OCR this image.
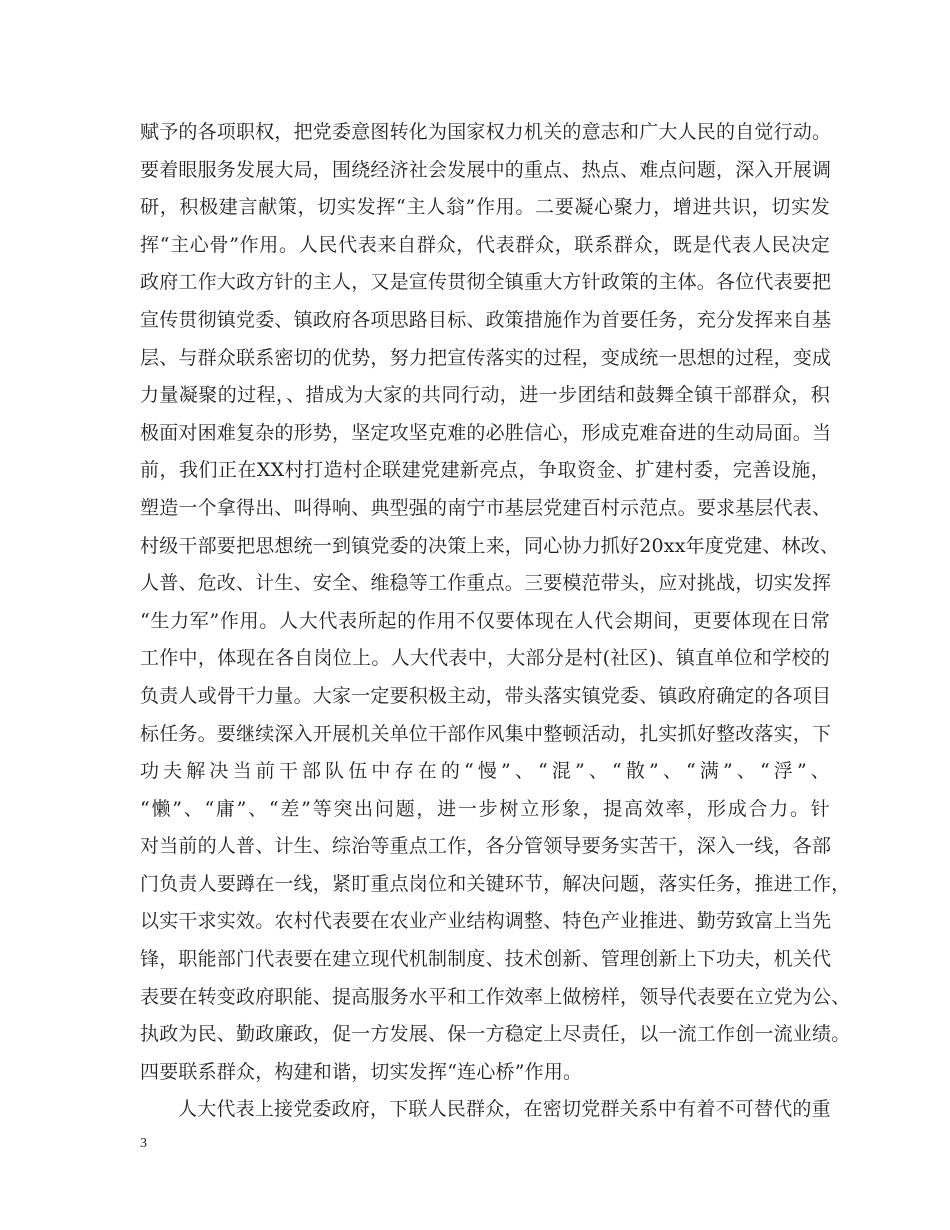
赋予的各项职权，把党委意图转化为国家权力机关的意志和广大人民的自觉行动。
要着眼服务发展大局，围绕经济社会发展中的重点、热点、难点问题，深入开展调
研，积极建言献策，切实发挥“主人翁”作用。二要凝心聚力，增进共识，切实发
挥“主心骨”作用。人民代表来自群众，代表群众，联系群众，既是代表人民决定
政府工作大政方针的主人，又是宣传贯彻全镇重大方针政策的主体。各位代表要把
宣传贯彻镇党委、镇政府各项思路目标、政策措施作为首要任务，充分发挥来自基
层、与群众联系密切的优势，努力把宣传落实的过程，变成统一思想的过程，变成
力量凝聚的过程，、措成为大家的共同行动，进一步团结和鼓舞全镇干部群众，积
极面对困难复杂的形势，坚定攻坚克难的必胜信心，形成克难奋进的生动局面。当
前，我们正在XX村打造村企联建党建新亮点，争取资金、扩建村委，完善设施，
塑造一个拿得出、叫得响、典型强的南宁市基层党建百村示范点。要求基层代表、
村级干部要把思想统一到镇党委的决策上来，同心协力抓好20xx年度党建、林改、
人普、危改、计生、安全、维稳等工作重点。三要模范带头，应对挑战，切实发挥
“生力军”作用。人大代表所起的作用不仅要体现在人代会期间，更要体现在日常
工作中，体现在各自岗位上。人大代表中，大部分是村(社区)、镇直单位和学校的
负责人或骨干力量。大家一定要积极主动，带头落实镇党委、镇政府确定的各项目
标任务。要继续深入开展机关单位干部作风集中整顿活动，扎实抓好整改落实，下
功夫解决当前干部队伍中存在的“慢”、“混”、“散”、“满”、“浮”、
“懒”、“庸”、“差”等突出问题，进一步树立形象，提高效率，形成合力。针
对当前的人普、计生、综治等重点工作，各分管领导要务实苦干，深入一线，各部
门负责人要蹲在一线，紧盯重点岗位和关键环节，解决问题，落实任务，推进工作，
以实干求实效。农村代表要在农业产业结构调整、特色产业推进、勤劳致富上当先
锋，职能部门代表要在建立现代机制制度、技术创新、管理创新上下功夫，机关代
表要在转变政府职能、提高服务水平和工作效率上做榜样，领导代表要在立党为公、
执政为民、勤政廉政，促一方发展、保一方稳定上尽责任，以一流工作创一流业绩。
四要联系群众，构建和谐，切实发挥“连心桥”作用。
人大代表上接党委政府，下联人民群众，在密切党群关系中有着不可替代的重
3
